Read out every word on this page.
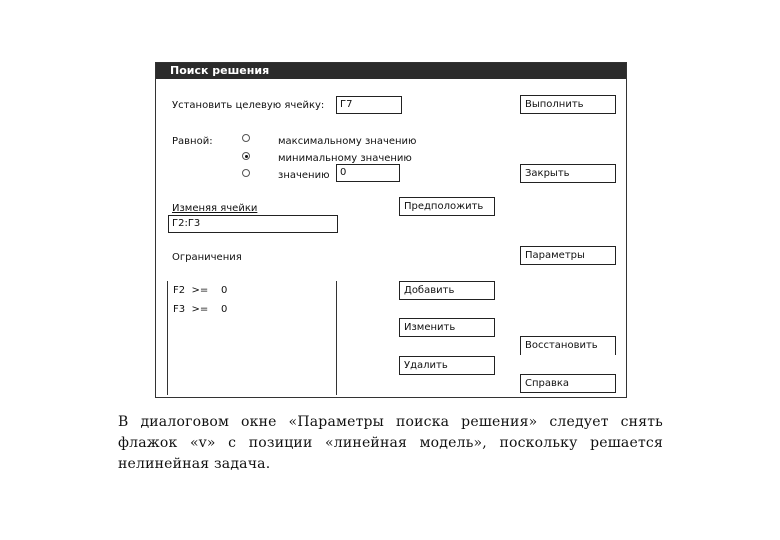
Поиск решения
Установить целевую ячейку:	Г7
Равной:	максимальному значению
минимальному значению
значению	0
Изменяя ячейки
Г2:Г3
Ограничения
F2  >=    0
F3  >=    0
Выполнить
Закрыть
Параметры
Восстановить
Справка
Предположить
Добавить
Изменить
Удалить
В диалоговом окне «Параметры поиска решения» следует снять флажок «v» с позиции «линейная модель», поскольку решается нелинейная задача.
